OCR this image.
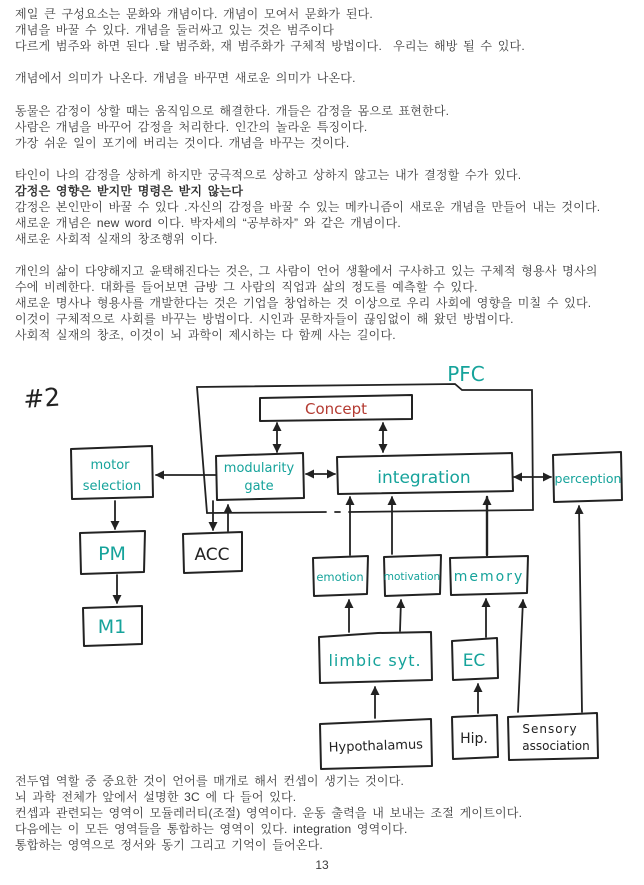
제일 큰 구성요소는 문화와 개념이다. 개념이 모여서 문화가 된다.
개념을 바꿀 수 있다. 개념을 둘러싸고 있는 것은 범주이다
다르게 범주와 하면 된다 .탈 범주화, 재 범주화가 구체적 방법이다.  우리는 해방 될 수 있다.
개념에서 의미가 나온다. 개념을 바꾸면 새로운 의미가 나온다.
동물은 감정이 상할 때는 움직임으로 해결한다. 개들은 감정을 몸으로 표현한다.
사람은 개념을 바꾸어 감정을 처리한다. 인간의 놀라운 특징이다.
가장 쉬운 일이 포기에 버리는 것이다. 개념을 바꾸는 것이다.
타인이 나의 감정을 상하게 하지만 궁극적으로 상하고 상하지 않고는 내가 결정할 수가 있다.
감정은 영향은 받지만 명령은 받지 않는다
감정은 본인만이 바꿀 수 있다 .자신의 감정을 바꿀 수 있는 메카니즘이 새로운 개념을 만들어 내는 것이다.
새로운 개념은 new word 이다. 박자세의 “공부하자” 와 같은 개념이다.
새로운 사회적 실재의 창조행위 이다.
개인의 삶이 다양해지고 윤택해진다는 것은, 그 사람이 언어 생활에서 구사하고 있는 구체적 형용사 명사의
수에 비례한다. 대화를 들어보면 금방 그 사람의 직업과 삶의 정도를 예측할 수 있다.
새로운 명사나 형용사를 개발한다는 것은 기업을 창업하는 것 이상으로 우리 사회에 영향을 미칠 수 있다.
이것이 구체적으로 사회를 바꾸는 방법이다. 시인과 문학자들이 끊임없이 해 왔던 방법이다.
사회적 실재의 창조, 이것이 뇌 과학이 제시하는 다 함께 사는 길이다.
#2
PFC
Concept
modularity
gate	integration
motor
selection
perception
PM	ACC
M1
emotion motivation memory
limbic syt. EC
Hypothalamus	Hip.
Sensory
association
전두엽 역할 중 중요한 것이 언어를 매개로 해서 컨셉이 생기는 것이다.
뇌 과학 전체가 앞에서 설명한 3C 에 다 들어 있다.
컨셉과 관련되는 영역이 모듈레러티(조절) 영역이다. 운동 출력을 내 보내는 조절 게이트이다.
다음에는 이 모든 영역들을 통합하는 영역이 있다. integration 영역이다.
통합하는 영역으로 정서와 동기 그리고 기억이 들어온다.
13
